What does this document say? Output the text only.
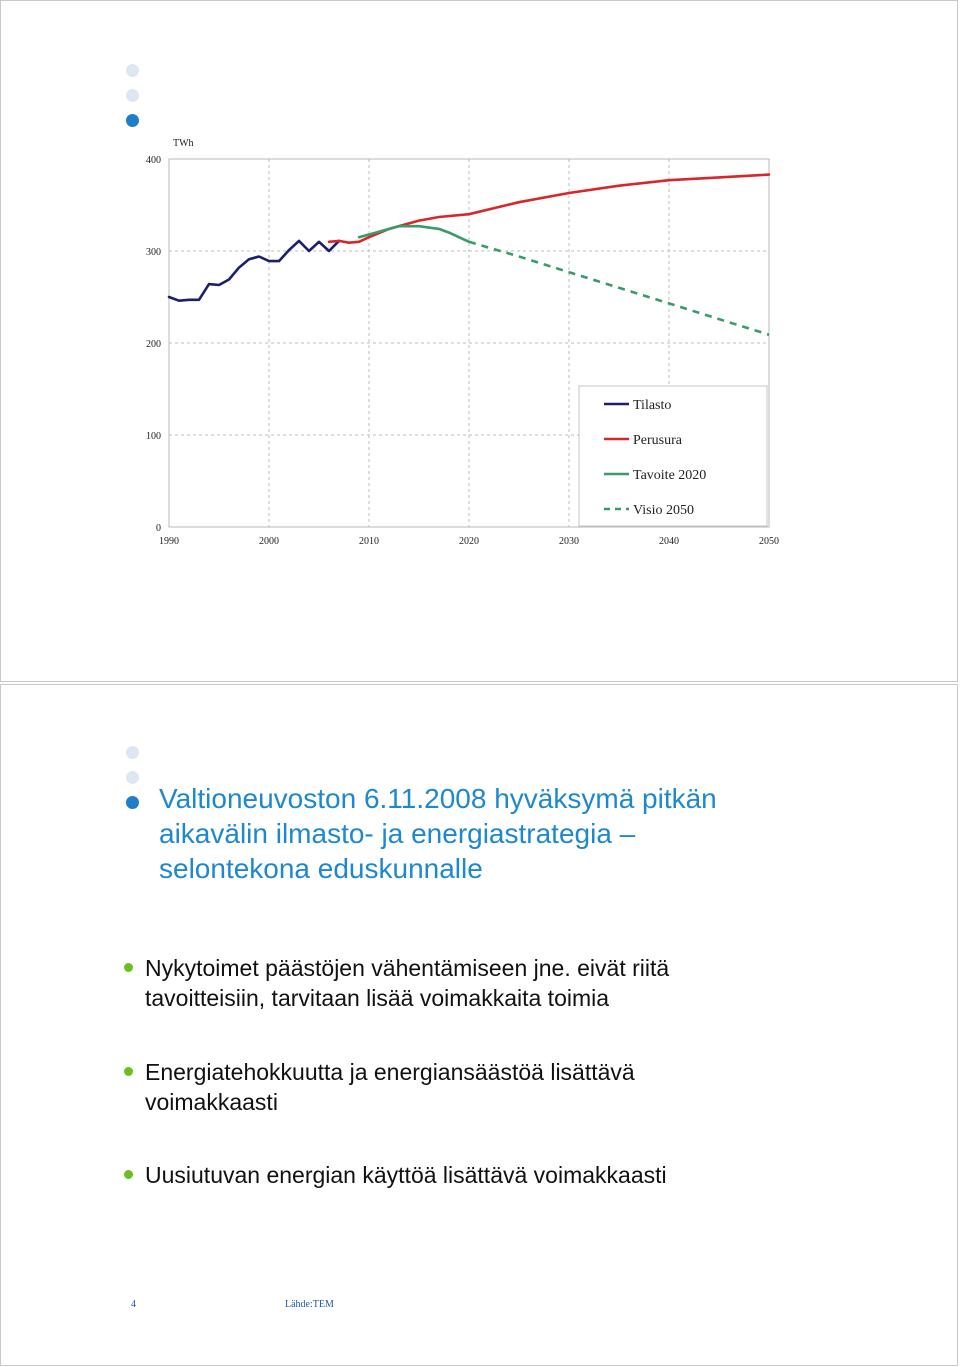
0
100
200
300
400
1990	2000	2010	2020	2030	2040	2050
TWh
Tilasto
Perusura
Tavoite 2020
Visio 2050
Valtioneuvoston 6.11.2008 hyväksymä pitkän
aikavälin ilmasto- ja energiastrategia –
selontekona eduskunnalle
Nykytoimet päästöjen vähentämiseen jne. eivät riitä
tavoitteisiin, tarvitaan lisää voimakkaita toimia
Energiatehokkuutta ja energiansäästöä lisättävä
voimakkaasti
Uusiutuvan energian käyttöä lisättävä voimakkaasti
4	Lähde:TEM
